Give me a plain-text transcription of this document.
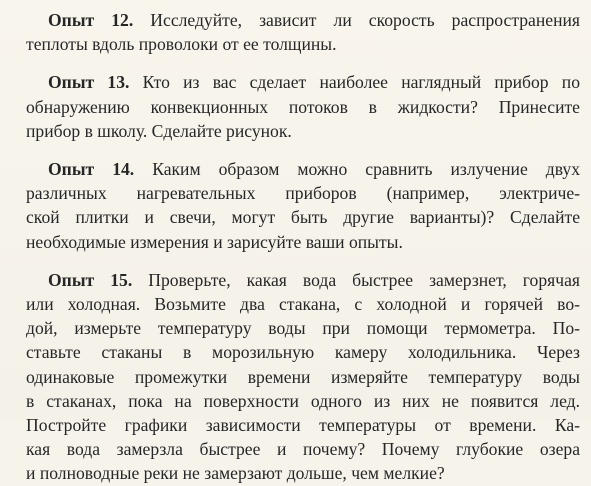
Опыт 12. Исследуйте, зависит ли скорость распространения
теплоты вдоль проволоки от ее толщины.
Опыт 13. Кто из вас сделает наиболее наглядный прибор по
обнаружению конвекционных потоков в жидкости? Принесите
прибор в школу. Сделайте рисунок.
Опыт 14. Каким образом можно сравнить излучение двух
различных нагревательных приборов (например, электриче-
ской плитки и свечи, могут быть другие варианты)? Сделайте
необходимые измерения и зарисуйте ваши опыты.
Опыт 15. Проверьте, какая вода быстрее замерзнет, горячая
или холодная. Возьмите два стакана, с холодной и горячей во-
дой, измерьте температуру воды при помощи термометра. По-
ставьте стаканы в морозильную камеру холодильника. Через
одинаковые промежутки времени измеряйте температуру воды
в стаканах, пока на поверхности одного из них не появится лед.
Постройте графики зависимости температуры от времени. Ка-
кая вода замерзла быстрее и почему? Почему глубокие озера
и полноводные реки не замерзают дольше, чем мелкие?
